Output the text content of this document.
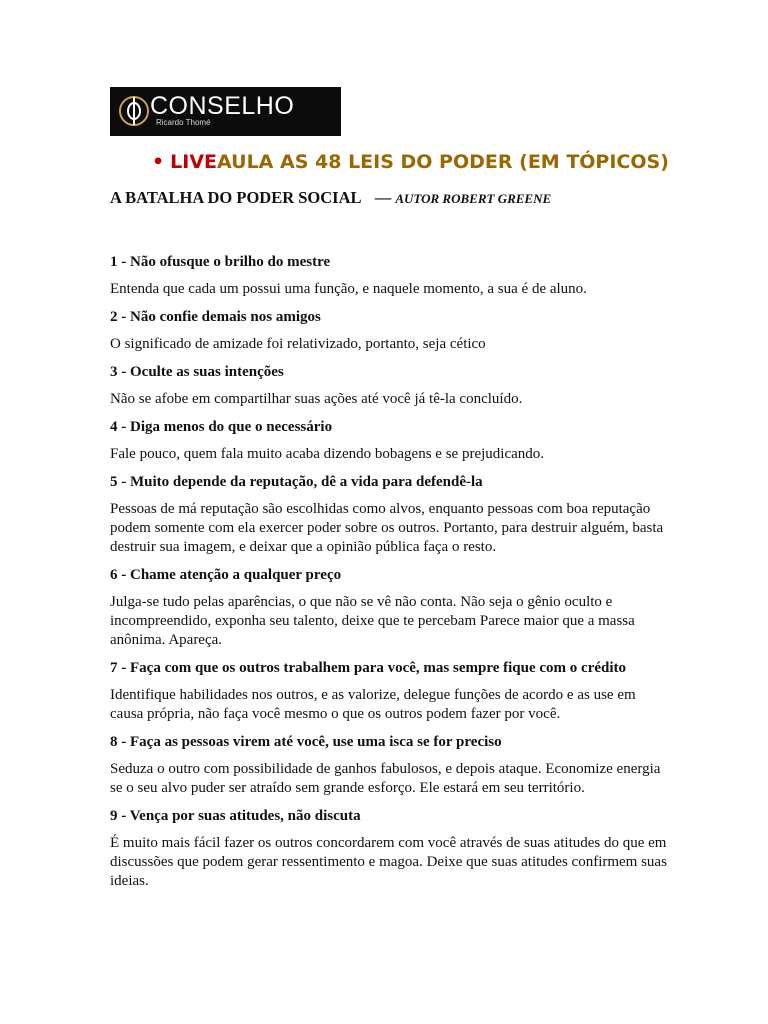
CONSELHO
Ricardo Thomé
• LIVEAULA AS 48 LEIS DO PODER (EM TÓPICOS)
A BATALHA DO PODER SOCIAL — AUTOR ROBERT GREENE
1 - Não ofusque o brilho do mestre
Entenda que cada um possui uma função, e naquele momento, a sua é de aluno.
2 - Não confie demais nos amigos
O significado de amizade foi relativizado, portanto, seja cético
3 - Oculte as suas intenções
Não se afobe em compartilhar suas ações até você já tê-la concluído.
4 - Diga menos do que o necessário
Fale pouco, quem fala muito acaba dizendo bobagens e se prejudicando.
5 - Muito depende da reputação, dê a vida para defendê-la
Pessoas de má reputação são escolhidas como alvos, enquanto pessoas com boa reputação podem somente com ela exercer poder sobre os outros. Portanto, para destruir alguém, basta destruir sua imagem, e deixar que a opinião pública faça o resto.
6 - Chame atenção a qualquer preço
Julga-se tudo pelas aparências, o que não se vê não conta. Não seja o gênio oculto e incompreendido, exponha seu talento, deixe que te percebam Parece maior que a massa anônima. Apareça.
7 - Faça com que os outros trabalhem para você, mas sempre fique com o crédito
Identifique habilidades nos outros, e as valorize, delegue funções de acordo e as use em causa própria, não faça você mesmo o que os outros podem fazer por você.
8 - Faça as pessoas virem até você, use uma isca se for preciso
Seduza o outro com possibilidade de ganhos fabulosos, e depois ataque. Economize energia se o seu alvo puder ser atraído sem grande esforço. Ele estará em seu território.
9 - Vença por suas atitudes, não discuta
É muito mais fácil fazer os outros concordarem com você através de suas atitudes do que em discussões que podem gerar ressentimento e magoa. Deixe que suas atitudes confirmem suas ideias.
